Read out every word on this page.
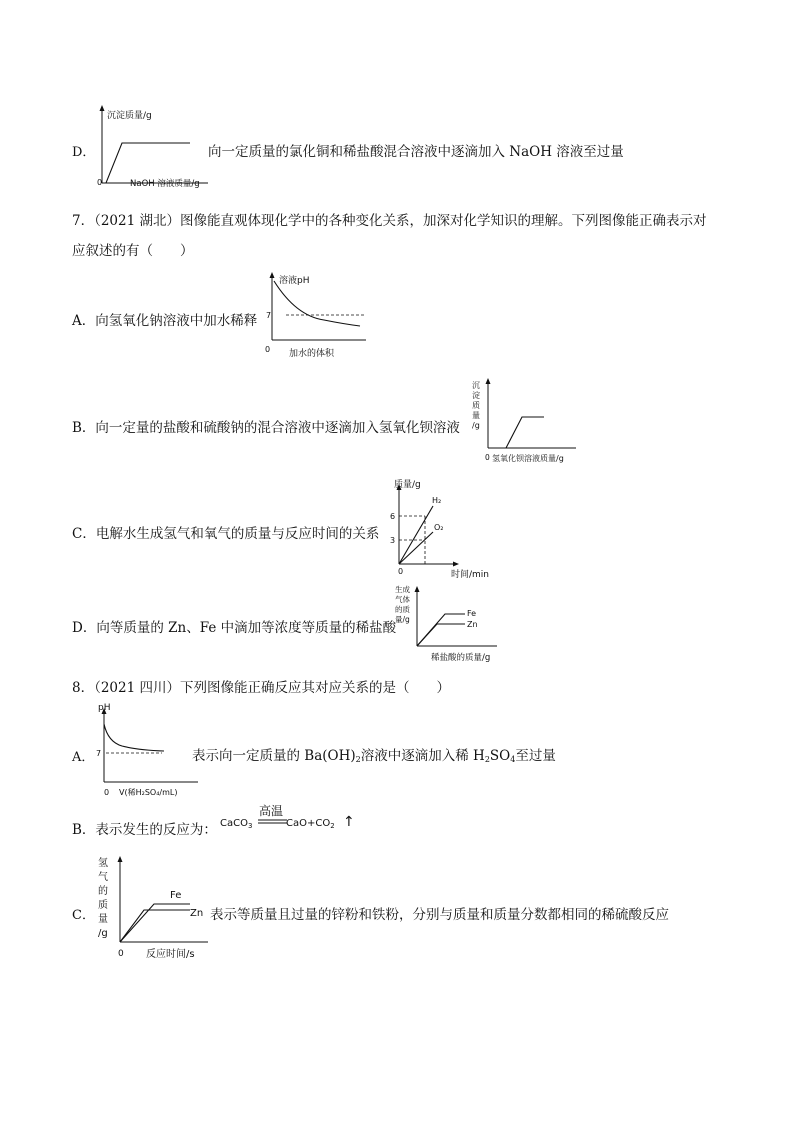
沉淀质量/g
0	NaOH 溶液质量/g
D．	向一定质量的氯化铜和稀盐酸混合溶液中逐滴加入 NaOH 溶液至过量
7．（2021 湖北）图像能直观体现化学中的各种变化关系，加深对化学知识的理解。下列图像能正确表示对
应叙述的有（　　）
A．向氢氧化钠溶液中加水稀释
溶液pH
7
0 加水的体积
B．向一定量的盐酸和硫酸钠的混合溶液中逐滴加入氢氧化钡溶液
沉
淀
质
量
/g
0 氢氧化钡溶液质量/g
C．电解水生成氢气和氧气的质量与反应时间的关系
质量/g
6
3
H₂
O₂
0	时间/min
D．向等质量的 Zn、Fe 中滴加等浓度等质量的稀盐酸
生成
气体
的质
量/g
Fe
Zn
稀盐酸的质量/g
8．（2021 四川）下列图像能正确反应其对应关系的是（　　）
pH
7
0 V(稀H₂SO₄/mL)
A．	表示向一定质量的 $Ba(OH)_2$溶液中逐滴加入稀 $H_2SO_4$至过量
B．表示发生的反应为： CaCO$_3$
高温
$CaO+CO_2$ ↑
氢
气
的
质
量
/g
Fe
Zn
0 反应时间/s
C．	表示等质量且过量的锌粉和铁粉，分别与质量和质量分数都相同的稀硫酸反应
